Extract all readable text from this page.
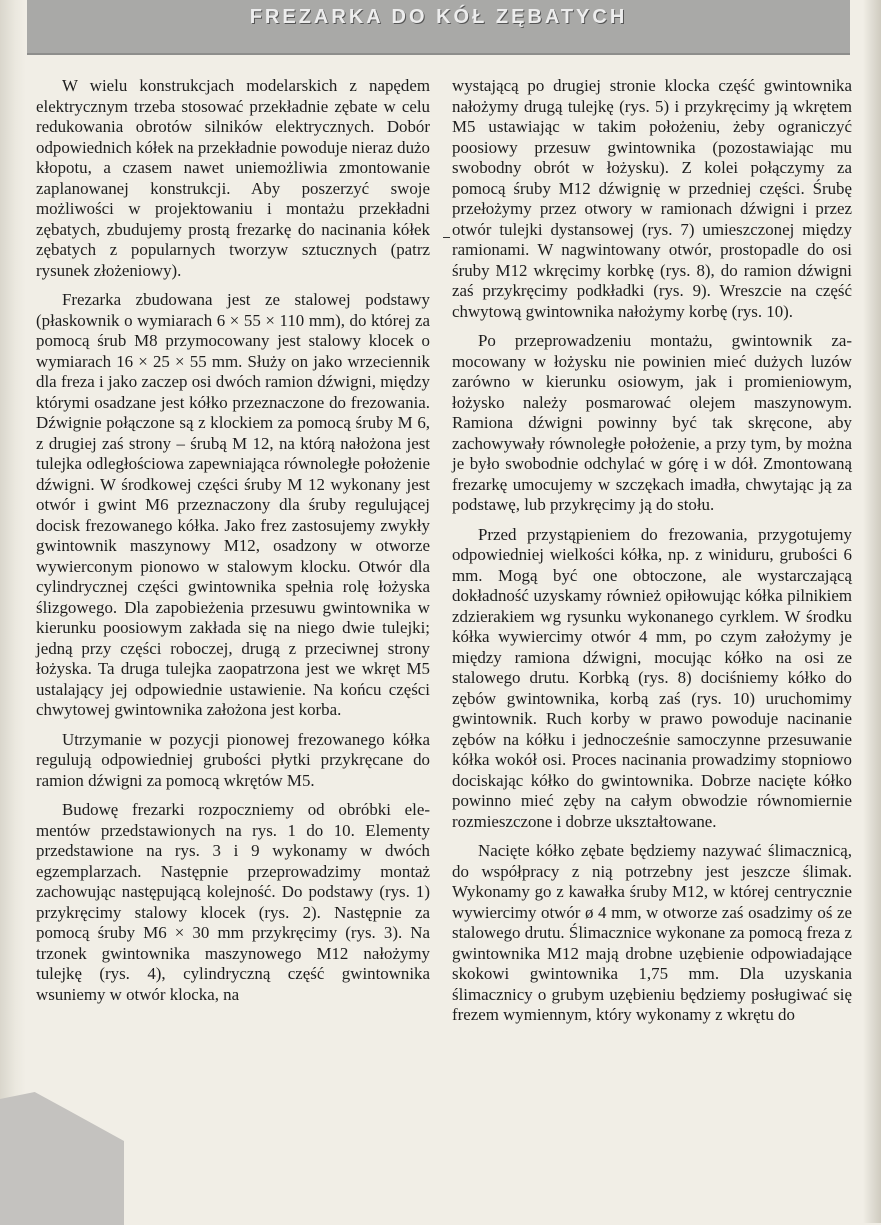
FREZARKA DO KÓŁ ZĘBATYCH

W wielu konstrukcjach modelarskich z napędem elektrycznym trzeba stosować przekładnie zębate w celu redukowania obrotów silników elektrycznych. Dobór odpowiednich kółek na przekładnie powoduje nieraz dużo kłopotu, a czasem nawet uniemożliwia zmontowanie zaplanowanej konstrukcji. Aby poszerzyć swoje możliwości w projektowaniu i montażu przekładni zębatych, zbudujemy prostą frezarkę do nacinania kółek zębatych z popularnych tworzyw sztucznych (patrz rysunek złożeniowy).

Frezarka zbudowana jest ze stalowej podstawy (płaskownik o wymiarach 6 × 55 × 110 mm), do której za pomocą śrub M8 przymocowany jest stalowy klocek o wymiarach 16 × 25 × 55 mm. Służy on jako wrzeciennik dla freza i jako zaczep osi dwóch ramion dźwigni, między którymi osadzane jest kółko przeznaczone do frezowania. Dźwignie połączone są z klockiem za pomocą śruby M 6, z drugiej zaś strony – śrubą M 12, na którą nałożona jest tulejka odległościowa zapewniająca równoległe położenie dźwigni. W środkowej części śruby M 12 wykonany jest otwór i gwint M6 przeznaczony dla śruby regulującej docisk frezowanego kółka. Jako frez zastosujemy zwykły gwintownik maszynowy M12, osadzony w otworze wywierconym pionowo w stalowym klocku. Otwór dla cylindrycznej części gwintownika spełnia rolę łożyska ślizgowego. Dla zapobieżenia przesuwu gwintownika w kierunku poosiowym zakłada się na niego dwie tulejki; jedną przy części roboczej, drugą z przeciwnej strony łożyska. Ta druga tulejka zaopatrzona jest we wkręt M5 ustalający jej odpowiednie ustawienie. Na końcu części chwytowej gwintownika założona jest korba.

Utrzymanie w pozycji pionowej frezowanego kółka regulują odpowiedniej grubości płytki przykręcane do ramion dźwigni za pomocą wkrętów M5.

Budowę frezarki rozpoczniemy od obróbki elementów przedstawionych na rys. 1 do 10. Elementy przedstawione na rys. 3 i 9 wykonamy w dwóch egzemplarzach. Następnie przeprowadzimy montaż zachowując następującą kolejność. Do podstawy (rys. 1) przykręcimy stalowy klocek (rys. 2). Następnie za pomocą śruby M6 × 30 mm przykręcimy (rys. 3). Na trzonek gwintownika maszynowego M12 nałożymy tulejkę (rys. 4), cylindryczną część gwintownika wsuniemy w otwór klocka, na

wystającą po drugiej stronie klocka część gwintownika nałożymy drugą tulejkę (rys. 5) i przykręcimy ją wkrętem M5 ustawiając w takim położeniu, żeby ograniczyć poosiowy przesuw gwintownika (pozostawiając mu swobodny obrót w łożysku). Z kolei połączymy za pomocą śruby M12 dźwignię w przedniej części. Śrubę przełożymy przez otwory w ramionach dźwigni i przez otwór tulejki dystansowej (rys. 7) umieszczonej między ramionami. W nagwintowany otwór, prostopadle do osi śruby M12 wkręcimy korbkę (rys. 8), do ramion dźwigni zaś przykręcimy podkładki (rys. 9). Wreszcie na część chwytową gwintownika nałożymy korbę (rys. 10).

Po przeprowadzeniu montażu, gwintownik zamocowany w łożysku nie powinien mieć dużych luzów zarówno w kierunku osiowym, jak i promieniowym, łożysko należy posmarować olejem maszynowym. Ramiona dźwigni powinny być tak skręcone, aby zachowywały równoległe położenie, a przy tym, by można je było swobodnie odchylać w górę i w dół. Zmontowaną frezarkę umocujemy w szczękach imadła, chwytając ją za podstawę, lub przykręcimy ją do stołu.

Przed przystąpieniem do frezowania, przygotujemy odpowiedniej wielkości kółka, np. z winiduru, grubości 6 mm. Mogą być one obtoczone, ale wystarczającą dokładność uzyskamy również opiłowując kółka pilnikiem zdzierakiem wg rysunku wykonanego cyrklem. W środku kółka wywiercimy otwór 4 mm, po czym założymy je między ramiona dźwigni, mocując kółko na osi ze stalowego drutu. Korbką (rys. 8) dociśniemy kółko do zębów gwintownika, korbą zaś (rys. 10) uruchomimy gwintownik. Ruch korby w prawo powoduje nacinanie zębów na kółku i jednocześnie samoczynne przesuwanie kółka wokół osi. Proces nacinania prowadzimy stopniowo dociskając kółko do gwintownika. Dobrze nacięte kółko powinno mieć zęby na całym obwodzie równomiernie rozmieszczone i dobrze ukształtowane.

Nacięte kółko zębate będziemy nazywać ślimacznicą, do współpracy z nią potrzebny jest jeszcze ślimak. Wykonamy go z kawałka śruby M12, w której centrycznie wywiercimy otwór ø 4 mm, w otworze zaś osadzimy oś ze stalowego drutu. Ślimacznice wykonane za pomocą freza z gwintownika M12 mają drobne uzębienie odpowiadające skokowi gwintownika 1,75 mm. Dla uzyskania ślimacznicy o grubym uzębieniu będziemy posługiwać się frezem wymiennym, który wykonamy z wkrętu do
